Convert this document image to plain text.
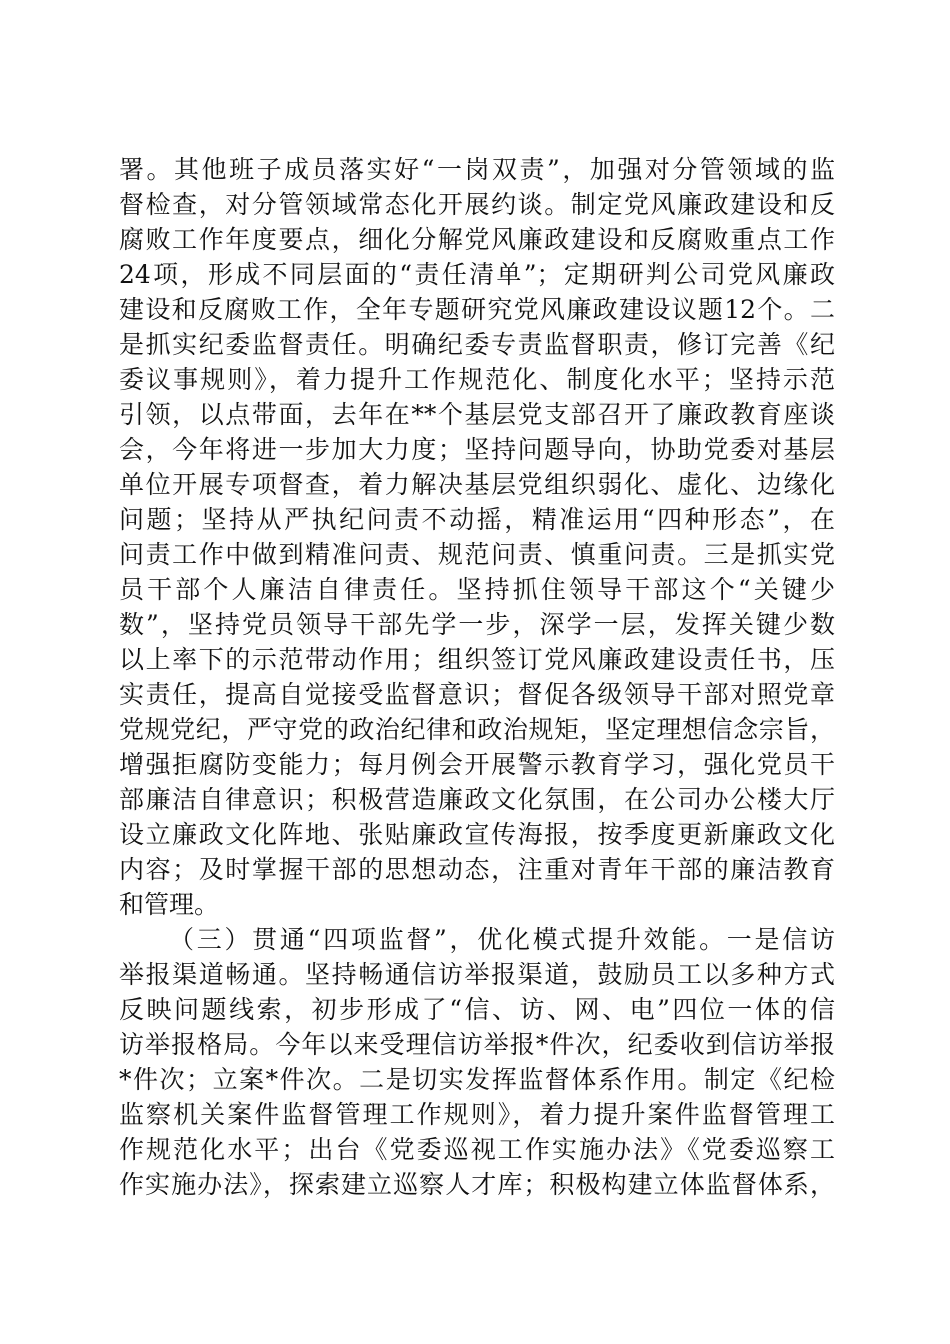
署。其他班子成员落实好“一岗双责”，加强对分管领域的监
督检查，对分管领域常态化开展约谈。制定党风廉政建设和反
腐败工作年度要点，细化分解党风廉政建设和反腐败重点工作
24项，形成不同层面的“责任清单”；定期研判公司党风廉政
建设和反腐败工作，全年专题研究党风廉政建设议题12个。二
是抓实纪委监督责任。明确纪委专责监督职责，修订完善《纪
委议事规则》，着力提升工作规范化、制度化水平；坚持示范
引领，以点带面，去年在**个基层党支部召开了廉政教育座谈
会，今年将进一步加大力度；坚持问题导向，协助党委对基层
单位开展专项督查，着力解决基层党组织弱化、虚化、边缘化
问题；坚持从严执纪问责不动摇，精准运用“四种形态”，在
问责工作中做到精准问责、规范问责、慎重问责。三是抓实党
员干部个人廉洁自律责任。坚持抓住领导干部这个“关键少
数”，坚持党员领导干部先学一步，深学一层，发挥关键少数
以上率下的示范带动作用；组织签订党风廉政建设责任书，压
实责任，提高自觉接受监督意识；督促各级领导干部对照党章
党规党纪，严守党的政治纪律和政治规矩，坚定理想信念宗旨，
增强拒腐防变能力；每月例会开展警示教育学习，强化党员干
部廉洁自律意识；积极营造廉政文化氛围，在公司办公楼大厅
设立廉政文化阵地、张贴廉政宣传海报，按季度更新廉政文化
内容；及时掌握干部的思想动态，注重对青年干部的廉洁教育
和管理。
（三）贯通“四项监督”，优化模式提升效能。一是信访
举报渠道畅通。坚持畅通信访举报渠道，鼓励员工以多种方式
反映问题线索，初步形成了“信、访、网、电”四位一体的信
访举报格局。今年以来受理信访举报*件次，纪委收到信访举报
*件次；立案*件次。二是切实发挥监督体系作用。制定《纪检
监察机关案件监督管理工作规则》，着力提升案件监督管理工
作规范化水平；出台《党委巡视工作实施办法》《党委巡察工
作实施办法》，探索建立巡察人才库；积极构建立体监督体系，
